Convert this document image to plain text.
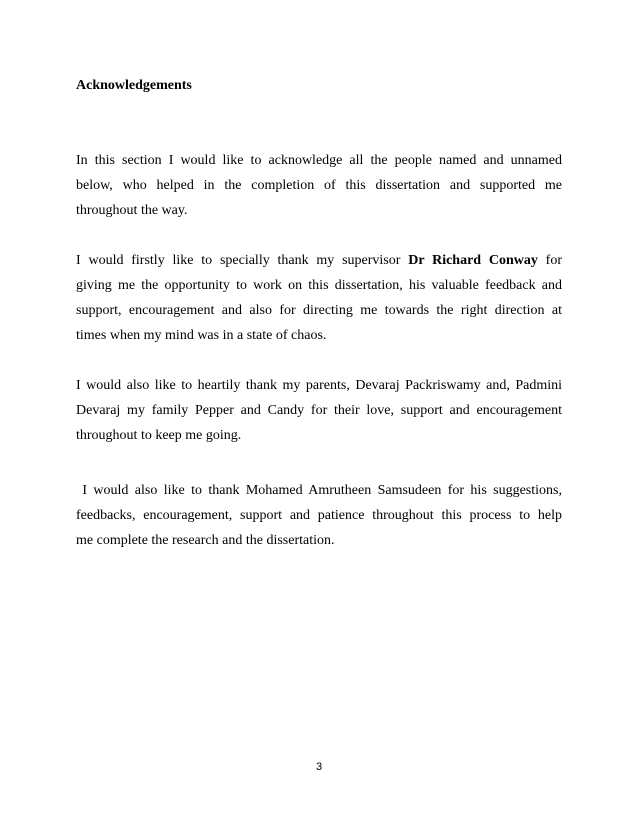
Acknowledgements

In this section I would like to acknowledge all the people named and unnamed
below, who helped in the completion of this dissertation and supported me
throughout the way.

I would firstly like to specially thank my supervisor Dr Richard Conway for
giving me the opportunity to work on this dissertation, his valuable feedback and
support, encouragement and also for directing me towards the right direction at
times when my mind was in a state of chaos.

I would also like to heartily thank my parents, Devaraj Packriswamy and, Padmini
Devaraj my family Pepper and Candy for their love, support and encouragement
throughout to keep me going.

I would also like to thank Mohamed Amrutheen Samsudeen for his suggestions,
feedbacks, encouragement, support and patience throughout this process to help
me complete the research and the dissertation.

3
